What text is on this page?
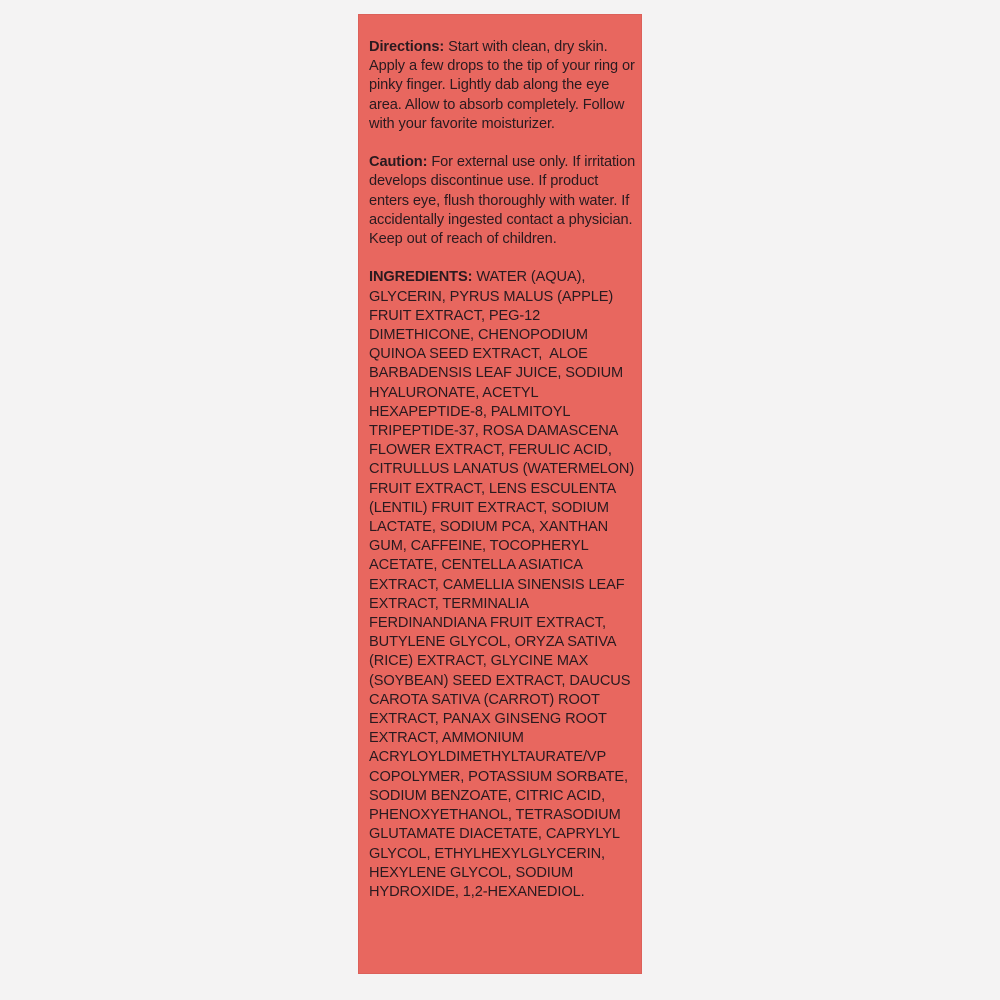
Directions: Start with clean, dry skin. Apply a few drops to the tip of your ring or pinky finger. Lightly dab along the eye area. Allow to absorb completely. Follow with your favorite moisturizer.

Caution: For external use only. If irritation develops discontinue use. If product enters eye, flush thoroughly with water. If accidentally ingested contact a physician. Keep out of reach of children.

INGREDIENTS: WATER (AQUA),
GLYCERIN, PYRUS MALUS (APPLE)
FRUIT EXTRACT, PEG-12
DIMETHICONE, CHENOPODIUM
QUINOA SEED EXTRACT,  ALOE
BARBADENSIS LEAF JUICE, SODIUM
HYALURONATE, ACETYL
HEXAPEPTIDE-8, PALMITOYL
TRIPEPTIDE-37, ROSA DAMASCENA
FLOWER EXTRACT, FERULIC ACID,
CITRULLUS LANATUS (WATERMELON)
FRUIT EXTRACT, LENS ESCULENTA
(LENTIL) FRUIT EXTRACT, SODIUM
LACTATE, SODIUM PCA, XANTHAN
GUM, CAFFEINE, TOCOPHERYL
ACETATE, CENTELLA ASIATICA
EXTRACT, CAMELLIA SINENSIS LEAF
EXTRACT, TERMINALIA
FERDINANDIANA FRUIT EXTRACT,
BUTYLENE GLYCOL, ORYZA SATIVA
(RICE) EXTRACT, GLYCINE MAX
(SOYBEAN) SEED EXTRACT, DAUCUS
CAROTA SATIVA (CARROT) ROOT
EXTRACT, PANAX GINSENG ROOT
EXTRACT, AMMONIUM
ACRYLOYLDIMETHYLTAURATE/VP
COPOLYMER, POTASSIUM SORBATE,
SODIUM BENZOATE, CITRIC ACID,
PHENOXYETHANOL, TETRASODIUM
GLUTAMATE DIACETATE, CAPRYLYL
GLYCOL, ETHYLHEXYLGLYCERIN,
HEXYLENE GLYCOL, SODIUM
HYDROXIDE, 1,2-HEXANEDIOL.
